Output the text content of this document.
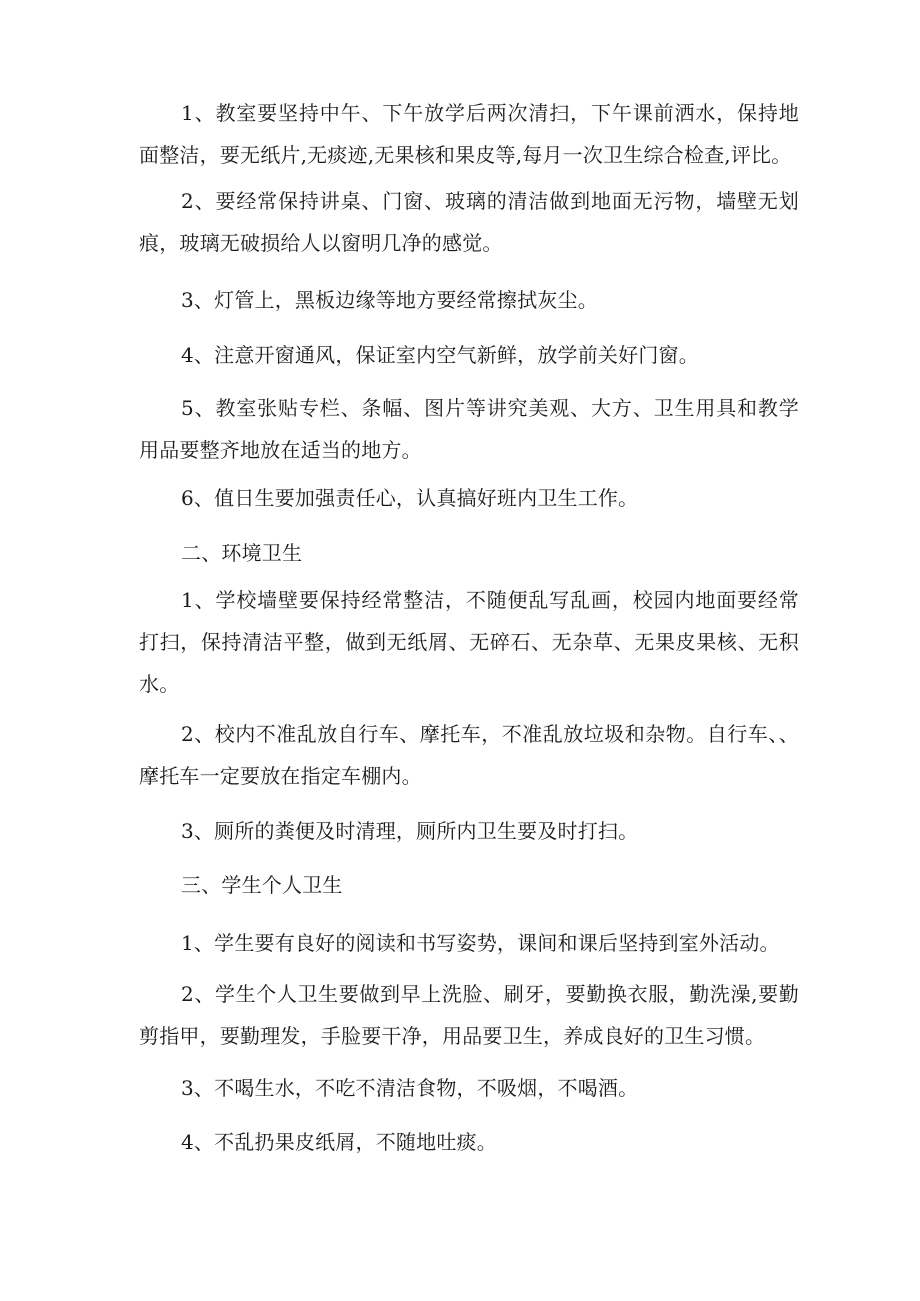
1、教室要坚持中午、下午放学后两次清扫，下午课前洒水，保持地面整洁，要无纸片,无痰迹,无果核和果皮等,每月一次卫生综合检查,评比。

2、要经常保持讲桌、门窗、玻璃的清洁做到地面无污物，墙壁无划痕，玻璃无破损给人以窗明几净的感觉。

3、灯管上，黑板边缘等地方要经常擦拭灰尘。

4、注意开窗通风，保证室内空气新鲜，放学前关好门窗。

5、教室张贴专栏、条幅、图片等讲究美观、大方、卫生用具和教学用品要整齐地放在适当的地方。

6、值日生要加强责任心，认真搞好班内卫生工作。

二、环境卫生

1、学校墙壁要保持经常整洁，不随便乱写乱画，校园内地面要经常打扫，保持清洁平整，做到无纸屑、无碎石、无杂草、无果皮果核、无积水。

2、校内不准乱放自行车、摩托车，不准乱放垃圾和杂物。自行车、、摩托车一定要放在指定车棚内。

3、厕所的粪便及时清理，厕所内卫生要及时打扫。

三、学生个人卫生

1、学生要有良好的阅读和书写姿势，课间和课后坚持到室外活动。

2、学生个人卫生要做到早上洗脸、刷牙，要勤换衣服，勤洗澡,要勤剪指甲，要勤理发，手脸要干净，用品要卫生，养成良好的卫生习惯。

3、不喝生水，不吃不清洁食物，不吸烟，不喝酒。

4、不乱扔果皮纸屑，不随地吐痰。
